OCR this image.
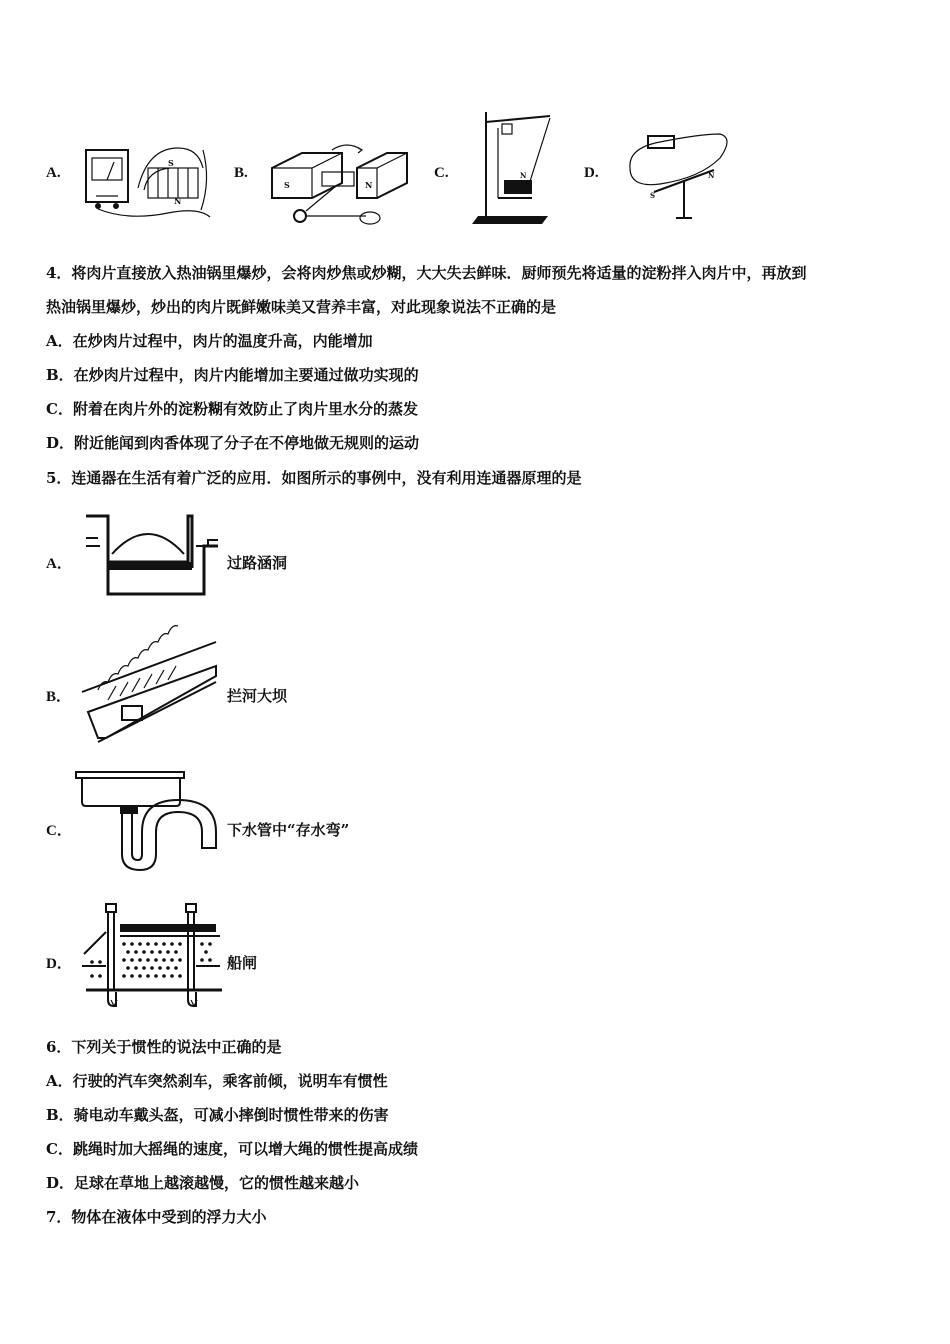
A.
S
N
B.
S	N
C.	N	D.
S
N
4．将肉片直接放入热油锅里爆炒，会将肉炒焦或炒糊，大大失去鲜味．厨师预先将适量的淀粉拌入肉片中，再放到
热油锅里爆炒，炒出的肉片既鲜嫩味美又营养丰富，对此现象说法不正确的是
A．在炒肉片过程中，肉片的温度升高，内能增加
B．在炒肉片过程中，肉片内能增加主要通过做功实现的
C．附着在肉片外的淀粉糊有效防止了肉片里水分的蒸发
D．附近能闻到肉香体现了分子在不停地做无规则的运动
5．连通器在生活有着广泛的应用．如图所示的事例中，没有利用连通器原理的是
A．	过路涵洞
B．	拦河大坝
C．	下水管中“存水弯”
D．	船闸
6．下列关于惯性的说法中正确的是
A．行驶的汽车突然刹车，乘客前倾，说明车有惯性
B．骑电动车戴头盔，可减小摔倒时惯性带来的伤害
C．跳绳时加大摇绳的速度，可以增大绳的惯性提高成绩
D．足球在草地上越滚越慢，它的惯性越来越小
7．物体在液体中受到的浮力大小
